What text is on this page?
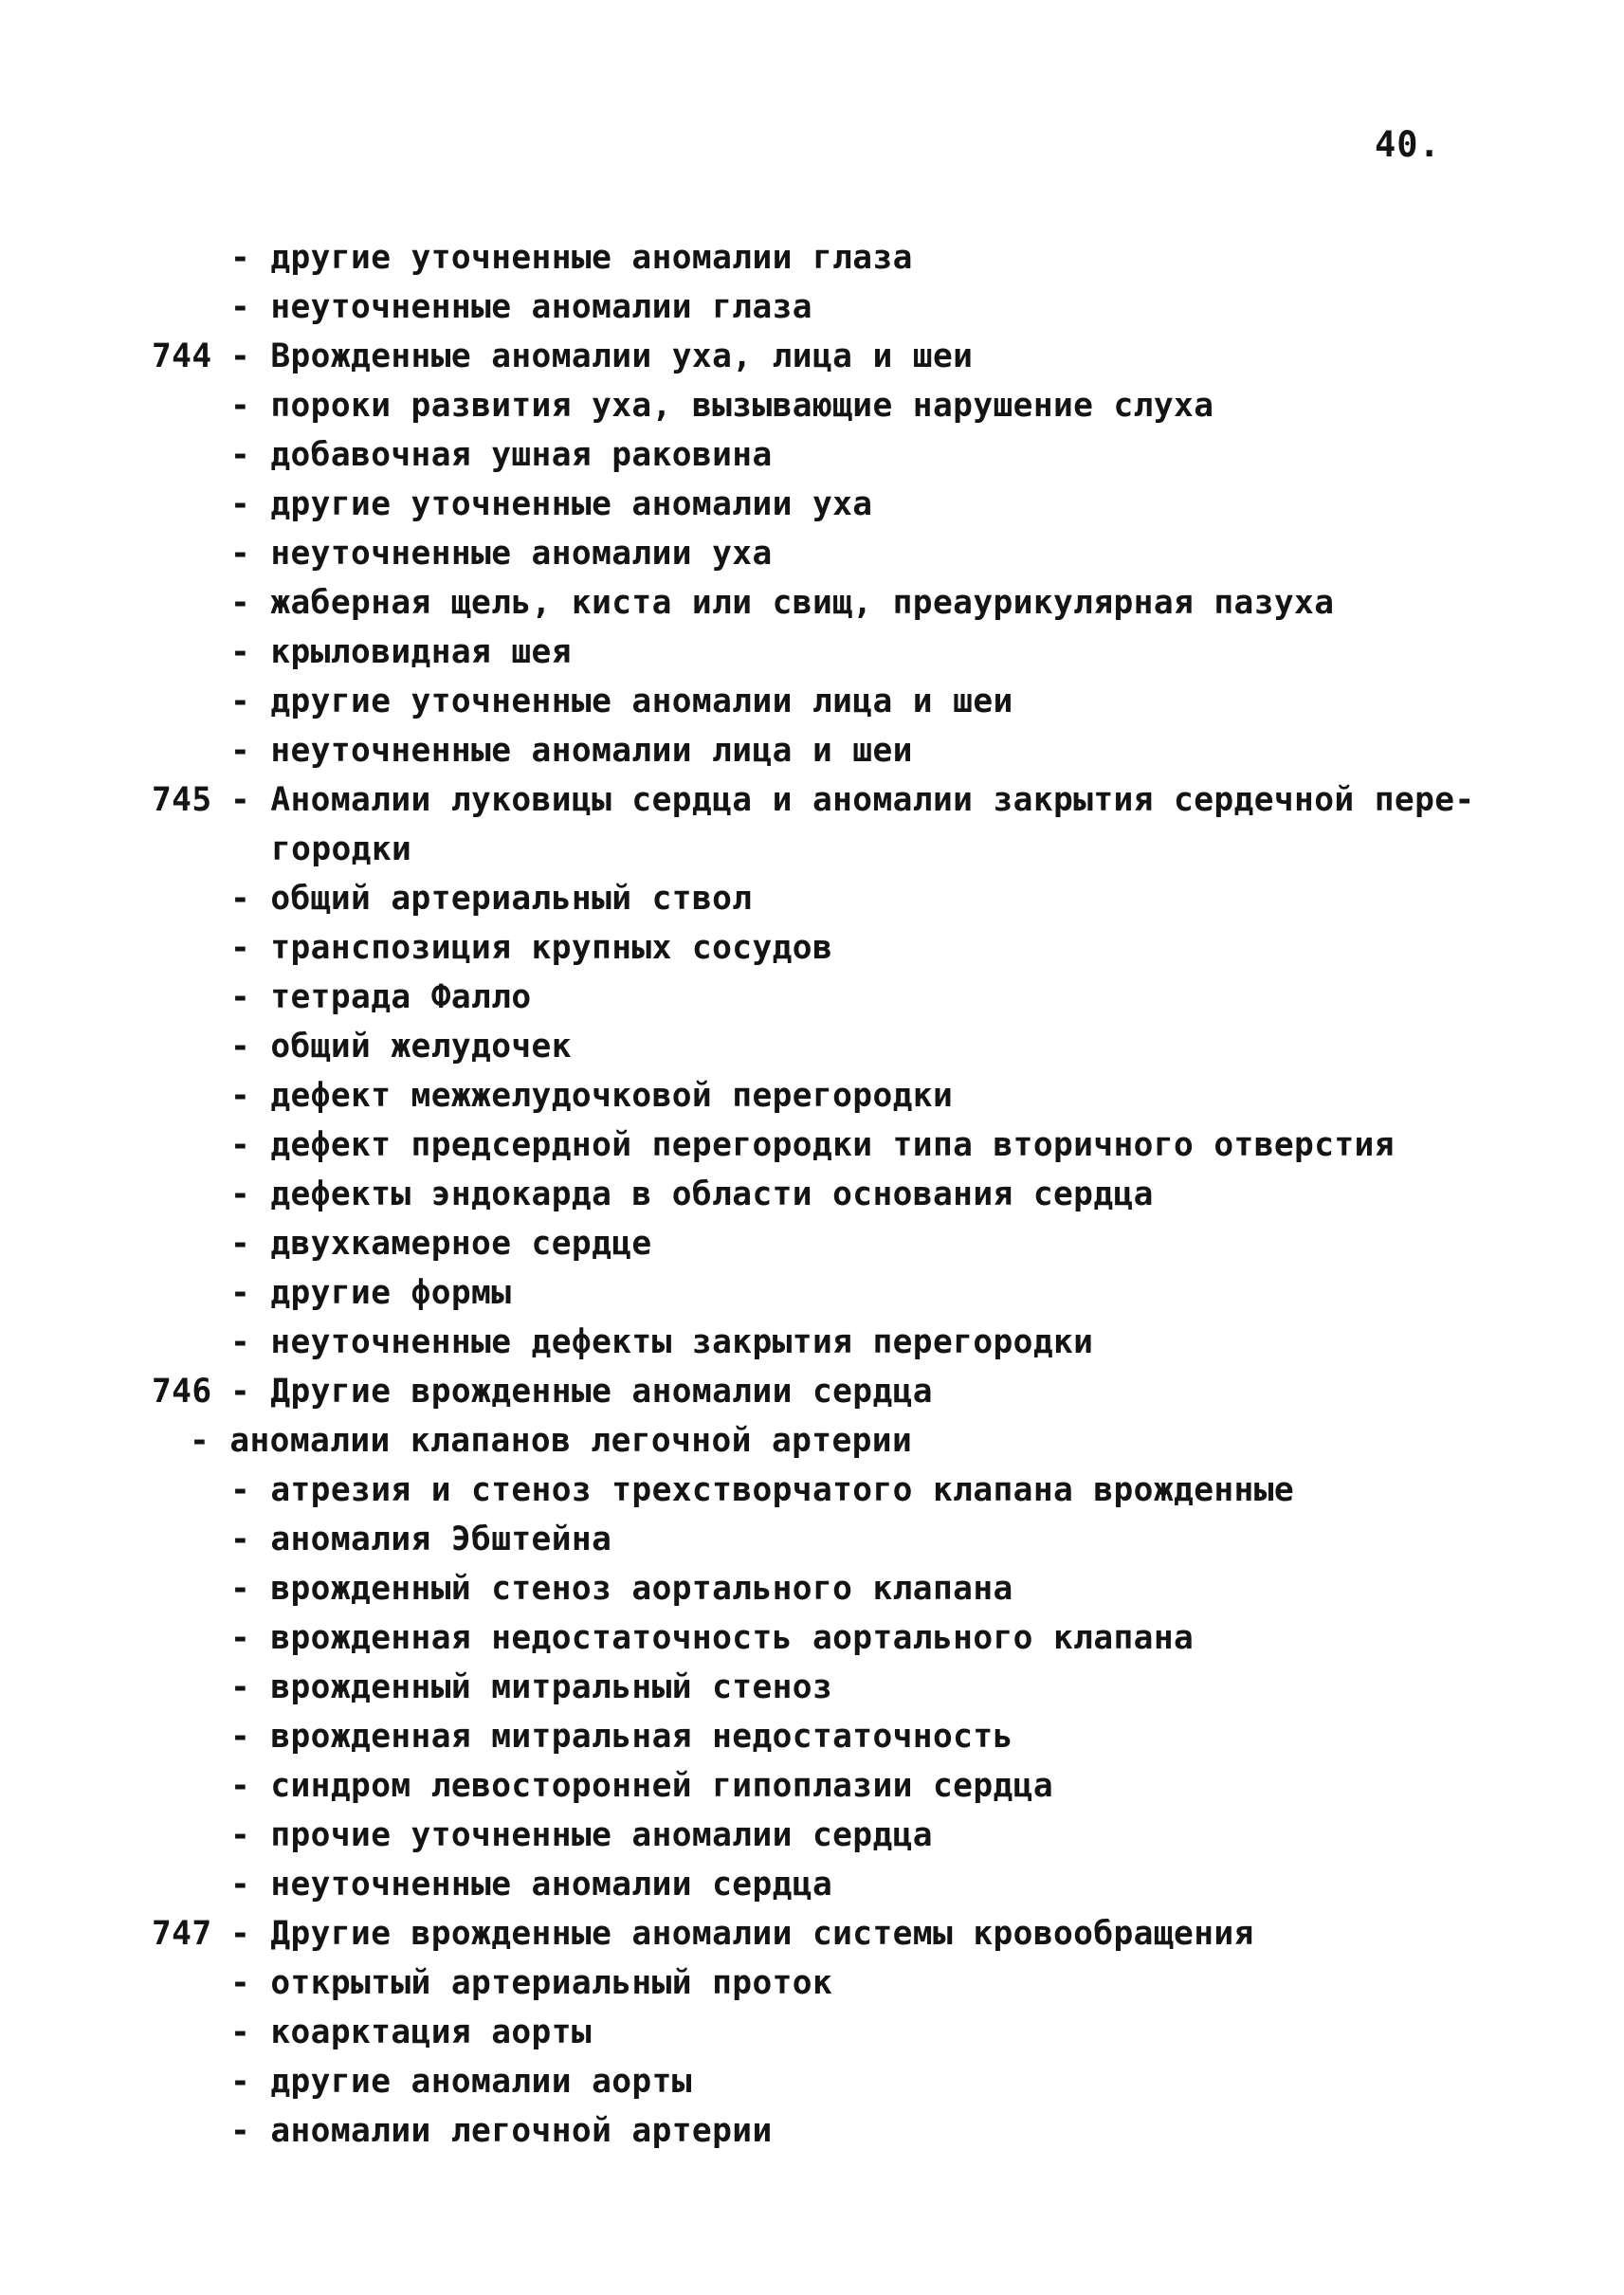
40.
- другие уточненные аномалии глаза
- неуточненные аномалии глаза
744 - Врожденные аномалии уха, лица и шеи
- пороки развития уха, вызывающие нарушение слуха
- добавочная ушная раковина
- другие уточненные аномалии уха
- неуточненные аномалии уха
- жаберная щель, киста или свищ, преаурикулярная пазуха
- крыловидная шея
- другие уточненные аномалии лица и шеи
- неуточненные аномалии лица и шеи
745 - Аномалии луковицы сердца и аномалии закрытия сердечной пере-
городки
- общий артериальный ствол
- транспозиция крупных сосудов
- тетрада Фалло
- общий желудочек
- дефект межжелудочковой перегородки
- дефект предсердной перегородки типа вторичного отверстия
- дефекты эндокарда в области основания сердца
- двухкамерное сердце
- другие формы
- неуточненные дефекты закрытия перегородки
746 - Другие врожденные аномалии сердца
- аномалии клапанов легочной артерии
- атрезия и стеноз трехстворчатого клапана врожденные
- аномалия Эбштейна
- врожденный стеноз аортального клапана
- врожденная недостаточность аортального клапана
- врожденный митральный стеноз
- врожденная митральная недостаточность
- синдром левосторонней гипоплазии сердца
- прочие уточненные аномалии сердца
- неуточненные аномалии сердца
747 - Другие врожденные аномалии системы кровообращения
- открытый артериальный проток
- коарктация аорты
- другие аномалии аорты
- аномалии легочной артерии
